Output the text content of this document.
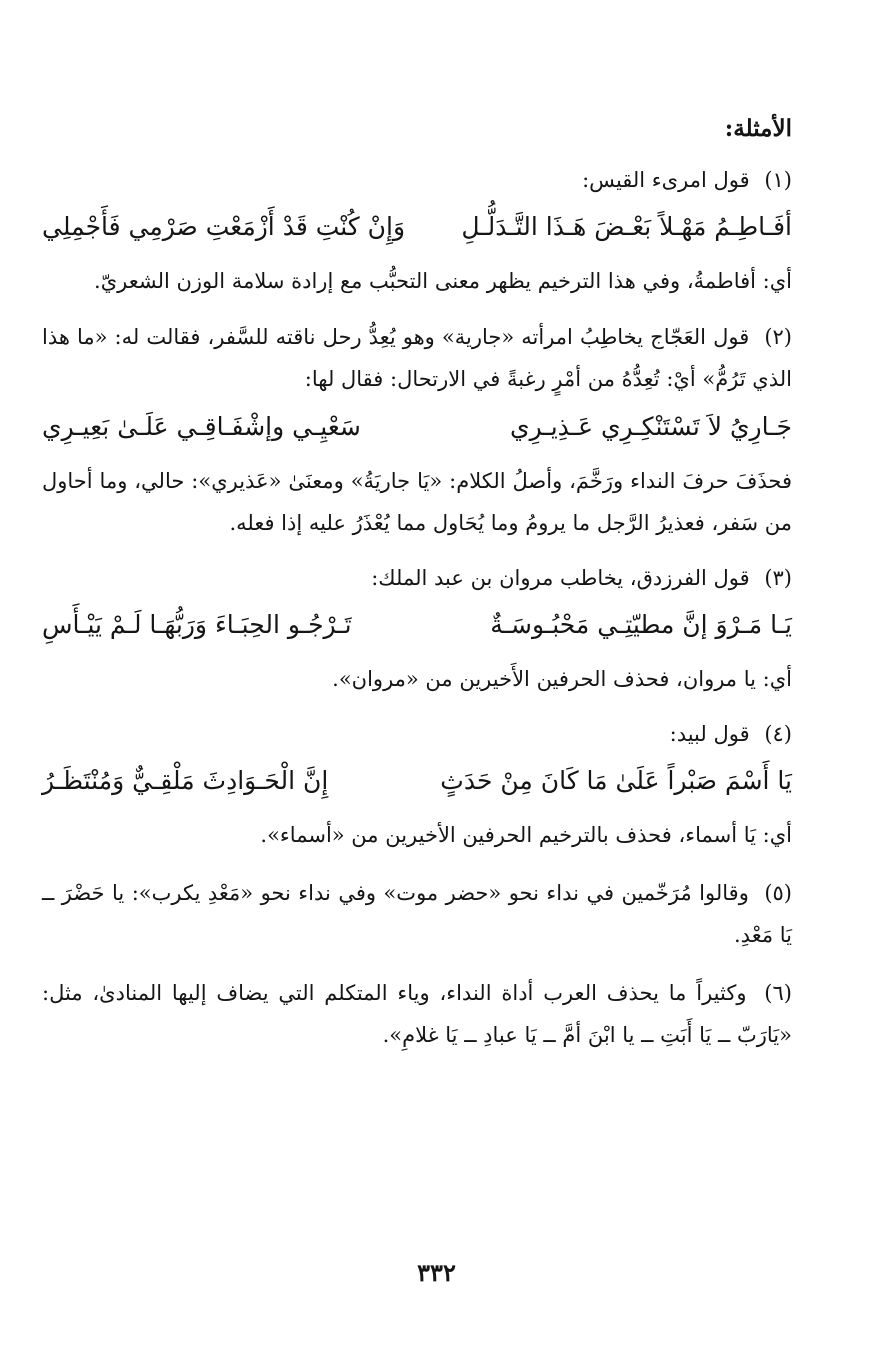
الأمثلة:
(١) قول امرىء القيس:
أفَـاطِـمُ مَهْـلاً بَعْـضَ هَـذَا التَّـدَلُّـلِ
وَإِنْ كُنْتِ قَدْ أَزْمَعْتِ صَرْمِي فَأَجْمِلِي

أي: أفاطمةُ، وفي هذا الترخيم يظهر معنى التحبُّب مع إرادة سلامة الوزن الشعريّ.

(٢) قول العَجّاج يخاطِبُ امرأته «جارية» وهو يُعِدُّ رحل ناقته للسَّفر، فقالت له: «ما هذا الذي تَرُمُّ» أيْ: تُعِدُّهُ من أمْرٍ رغبةً في الارتحال: فقال لها:

جَـارِيُ لاَ تَسْتَنْكِـرِي عَـذِيـرِي
سَعْيِـي وإشْفَـاقِـي عَلَـىٰ بَعِيـرِي

فحذَفَ حرفَ النداء ورَخَّمَ، وأصلُ الكلام: «يَا جاريَةُ» ومعنَىٰ «عَذيري»: حالي، وما أحاول من سَفر، فعذيرُ الرَّجل ما يرومُ وما يُحَاول مما يُعْذَرُ عليه إذا فعله.

(٣) قول الفرزدق، يخاطب مروان بن عبد الملك:
يَـا مَـرْوَ إنَّ مطيّتِـي مَحْبُـوسَـةٌ
تَـرْجُـو الحِبَـاءَ وَرَبُّهَـا لَـمْ يَيْـأَسِ

أي: يا مروان، فحذف الحرفين الأَخيرين من «مروان».

(٤) قول لبيد:
يَا أَسْمَ صَبْراً عَلَىٰ مَا كَانَ مِنْ حَدَثٍ
إِنَّ الْحَـوَادِثَ مَلْقِـيٌّ وَمُنْتَظَـرُ

أي: يَا أسماء، فحذف بالترخيم الحرفين الأخيرين من «أسماء».

(٥) وقالوا مُرَخّمين في نداء نحو «حضر موت» وفي نداء نحو «مَعْدِ يكرب»: يا حَضْرَ ــ يَا مَعْدِ.

(٦) وكثيراً ما يحذف العرب أداة النداء، وياء المتكلم التي يضاف إليها المنادىٰ، مثل: «يَارَبّ ــ يَا أَبَتِ ــ يا ابْنَ أمَّ ــ يَا عبادِ ــ يَا غلامِ».

٣٣٢
